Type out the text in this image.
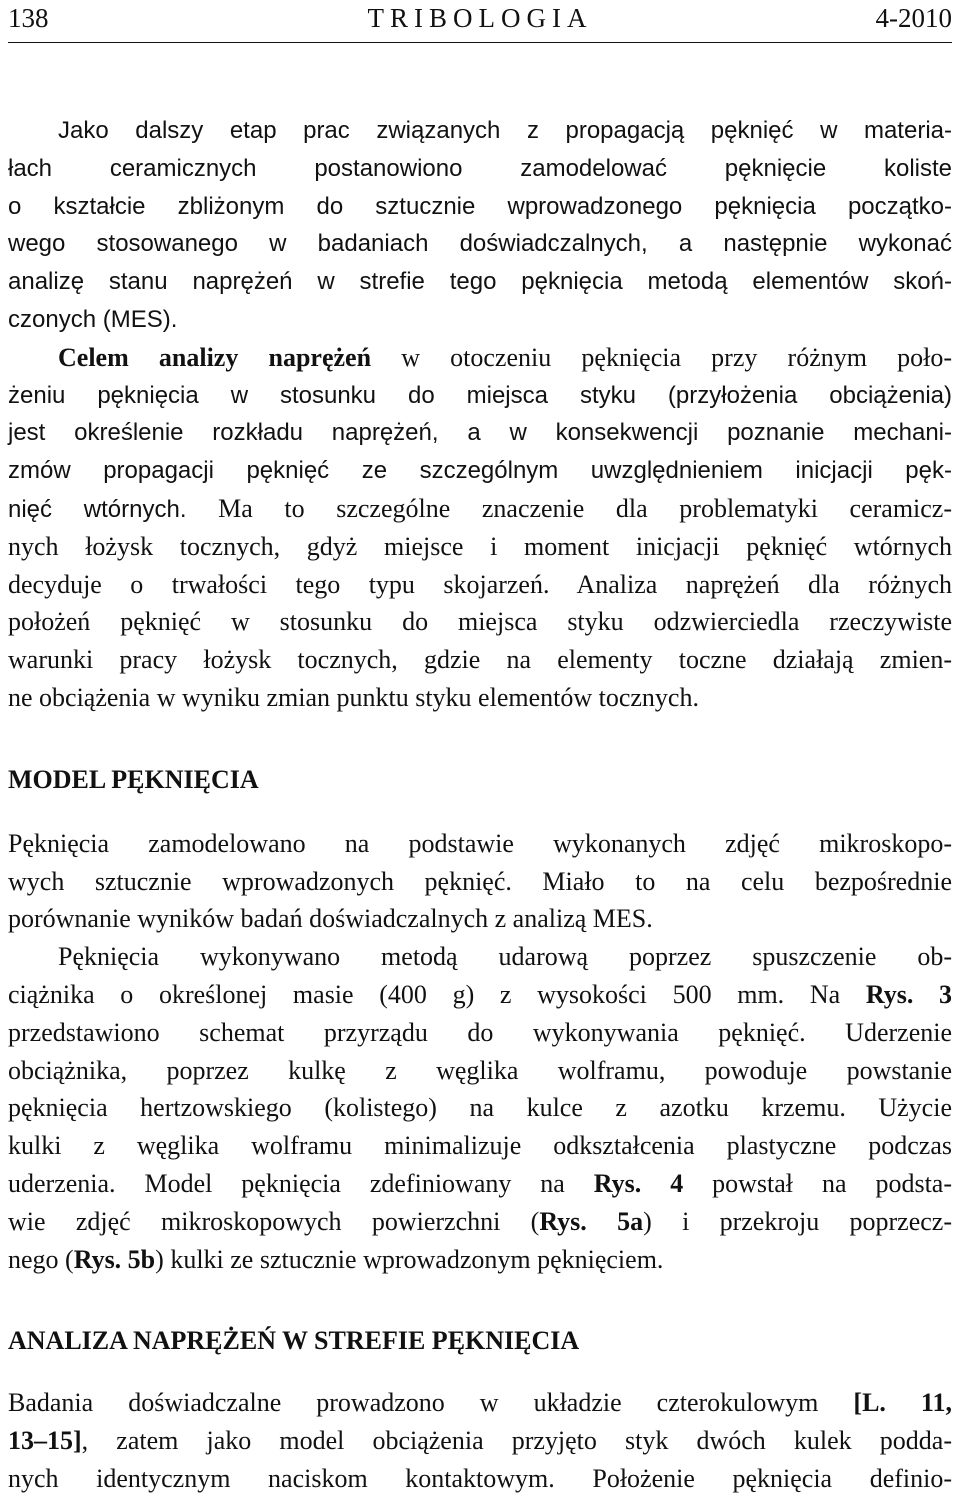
138	TRIBOLOGIA	4-2010
Jako dalszy etap prac związanych z propagacją pęknięć w materia-
łach ceramicznych postanowiono zamodelować pęknięcie koliste
o kształcie zbliżonym do sztucznie wprowadzonego pęknięcia początko-
wego stosowanego w badaniach doświadczalnych, a następnie wykonać
analizę stanu naprężeń w strefie tego pęknięcia metodą elementów skoń-
czonych (MES).
Celem analizy naprężeń w otoczeniu pęknięcia przy różnym poło-
żeniu pęknięcia w stosunku do miejsca styku (przyłożenia obciążenia)
jest określenie rozkładu naprężeń, a w konsekwencji poznanie mechani-
zmów propagacji pęknięć ze szczególnym uwzględnieniem inicjacji pęk-
nięć wtórnych. Ma to szczególne znaczenie dla problematyki ceramicz-
nych łożysk tocznych, gdyż miejsce i moment inicjacji pęknięć wtórnych
decyduje o trwałości tego typu skojarzeń. Analiza naprężeń dla różnych
położeń pęknięć w stosunku do miejsca styku odzwierciedla rzeczywiste
warunki pracy łożysk tocznych, gdzie na elementy toczne działają zmien-
ne obciążenia w wyniku zmian punktu styku elementów tocznych.
MODEL PĘKNIĘCIA
Pęknięcia zamodelowano na podstawie wykonanych zdjęć mikroskopo-
wych sztucznie wprowadzonych pęknięć. Miało to na celu bezpośrednie
porównanie wyników badań doświadczalnych z analizą MES.
Pęknięcia wykonywano metodą udarową poprzez spuszczenie ob-
ciążnika o określonej masie (400 g) z wysokości 500 mm. Na Rys. 3
przedstawiono schemat przyrządu do wykonywania pęknięć. Uderzenie
obciążnika, poprzez kulkę z węglika wolframu, powoduje powstanie
pęknięcia hertzowskiego (kolistego) na kulce z azotku krzemu. Użycie
kulki z węglika wolframu minimalizuje odkształcenia plastyczne podczas
uderzenia. Model pęknięcia zdefiniowany na Rys. 4 powstał na podsta-
wie zdjęć mikroskopowych powierzchni (Rys. 5a) i przekroju poprzecz-
nego (Rys. 5b) kulki ze sztucznie wprowadzonym pęknięciem.
ANALIZA NAPRĘŻEŃ W STREFIE PĘKNIĘCIA
Badania doświadczalne prowadzono w układzie czterokulowym [L. 11,
13–15], zatem jako model obciążenia przyjęto styk dwóch kulek podda-
nych identycznym naciskom kontaktowym. Położenie pęknięcia definio-
